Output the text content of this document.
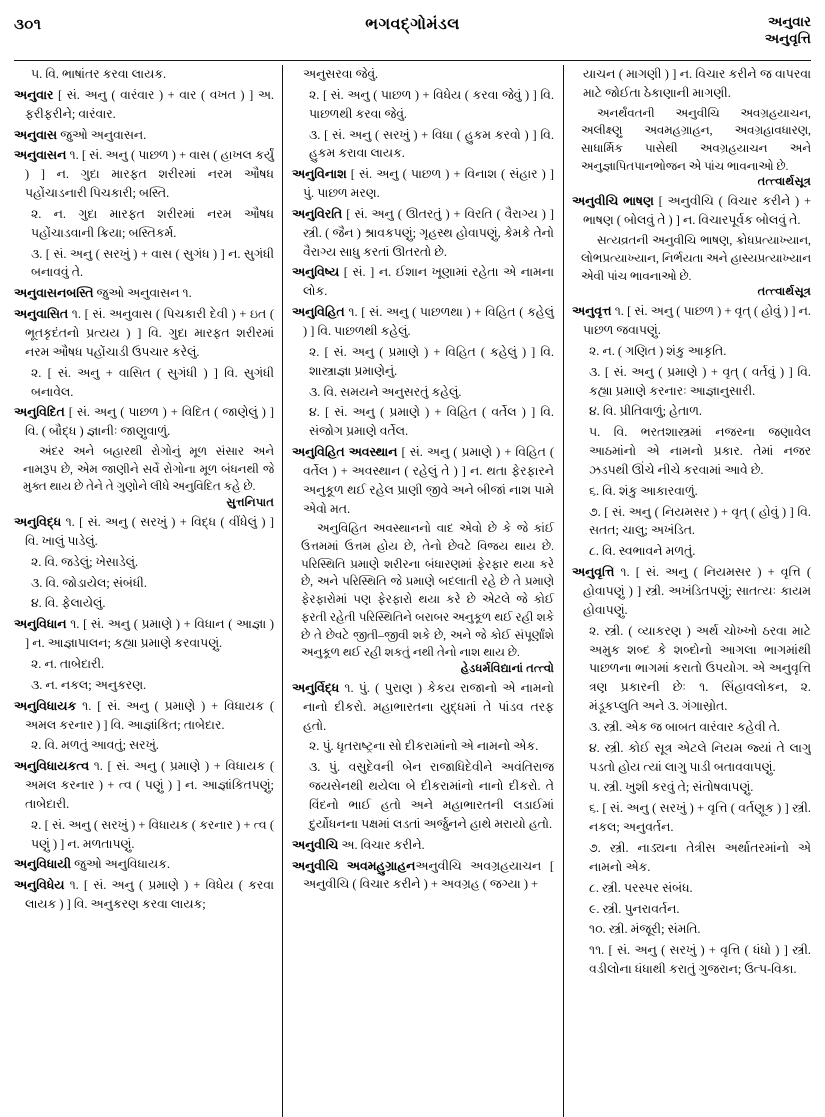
૩૦૧	ભગવદ્‌ગોમંડલ	અનુવાર
અનુવૃત્તિ

૫. વિ. ભાષાંતર કરવા લાયક.

અનુવાર [ સં. અનુ ( વારંવાર ) + વાર ( વખત ) ] અ. ફરીફરીને; વારંવાર.

અનુવાસ જુઓ અનુવાસન.

અનુવાસન ૧. [ સં. અનુ ( પાછળ ) + વાસ ( હાખલ કર્યું ) ] ન. ગુદા મારફત શરીરમાં નરમ ઔષધ પહોંચાડનારી પિચકારી; બસ્તિ.

૨. ન. ગુદા મારફત શરીરમાં નરમ ઔષધ પહોંચાડવાની ક્રિયા; બસ્તિકર્મ.

૩. [ સં. અનુ ( સરખું ) + વાસ ( સુગંધ ) ] ન. સુગંધી બનાવવું તે.

અનુવાસનબસ્તિ જુઓ અનુવાસન ૧.

અનુવાસિત ૧. [ સં. અનુવાસ ( પિચકારી દેવી ) + ઇત ( ભૂતકૃદંતનો પ્રત્યય ) ] વિ. ગુદા મારફત શરીરમાં નરમ ઔષધ પહોંચાડી ઉપચાર કરેલું.

૨. [ સં. અનુ + વાસિત ( સુગંધી ) ] વિ. સુગંધી બનાવેલ.

અનુવિદિત [ સં. અનુ ( પાછળ ) + વિદિત ( જાણેલું ) ] વિ. ( બૌદ્ધ ) જ્ઞાનીઃ જાણુવાળું.

અંદર અને બહારથી રોગોનું મૂળ સંસાર અને નામરૂપ છે, એમ જાણીને સર્વે રોગોના મૂળ બંધનથી જે મુક્ત થાય છે તેને તે ગુણોને લીધે અનુવિદિત કહે છે.

સુત્તનિપાત

અનુવિદ્ધ ૧. [ સં. અનુ ( સરખું ) + વિદ્ધ ( વીંધેલું ) ] વિ. ખાલું પાડેલું.

૨. વિ. જડેલું; ખેસાડેલું.

૩. વિ. જોડાયેલ; સંબંધી.

૪. વિ. ફેલાયેલું.

અનુવિધાન ૧. [ સં. અનુ ( પ્રમાણે ) + વિધાન ( આજ્ઞા ) ] ન. આજ્ઞાપાલન; કહ્યા પ્રમાણે કરવાપણું.

૨. ન. તાબેદારી.

૩. ન. નકલ; અનુકરણ.

અનુવિધાયક ૧. [ સં. અનુ ( પ્રમાણે ) + વિધાયક ( અમલ કરનાર ) ] વિ. આજ્ઞાંકિત; તાબેદાર.

૨. વિ. મળતું આવતું; સરખું.

અનુવિધાયકત્વ ૧. [ સં. અનુ ( પ્રમાણે ) + વિધાયક ( અમલ કરનાર ) + ત્વ ( પણું ) ] ન. આજ્ઞાંકિતપણું; તાબેદારી.

૨. [ સં. અનુ ( સરખું ) + વિધાયક ( કરનાર ) + ત્વ ( પણું ) ] ન. મળતાપણું.

અનુવિધાયી જુઓ અનુવિધાયક.

અનુવિધેય ૧. [ સં. અનુ ( પ્રમાણે ) + વિધેય ( કરવા લાયક ) ] વિ. અનુકરણ કરવા લાયક;

અનુસરવા જેવું.

૨. [ સં. અનુ ( પાછળ ) + વિધેય ( કરવા જેવું ) ] વિ. પાછળથી કરવા જેવું.

૩. [ સં. અનુ ( સરખું ) + વિધા ( હુકમ કરવો ) ] વિ. હુકમ કરાવા લાયક.

અનુવિનાશ [ સં. અનુ ( પાછળ ) + વિનાશ ( સંહાર ) ] પું. પાછળ મરણ.

અનુવિરતિ [ સં. અનુ ( ઊતરતું ) + વિરતિ ( વૈરાગ્ય ) ] સ્ત્રી. ( જૈન ) શ્રાવકપણું; ગૃહસ્થ હોવાપણું, કેમકે તેનો વૈરાગ્ય સાધુ કરતાં ઊતરતો છે.

અનુવિષ્ય [ સં. ] ન. ઈશાન ખૂણામાં રહેતા એ નામના લોક.

અનુવિહિત ૧. [ સં. અનુ ( પાછળથા ) + વિહિત ( કહેલું ) ] વિ. પાછળથી કહેલું.

૨. [ સં. અનુ ( પ્રમાણે ) + વિહિત ( કહેલું ) ] વિ. શાસ્ત્રાજ્ઞા પ્રમાણેનું.

૩. વિ. સમયને અનુસરતું કહેલું.

૪. [ સં. અનુ ( પ્રમાણે ) + વિહિત ( વર્તેલ ) ] વિ. સંજોગ પ્રમાણે વર્તેલ.

અનુવિહિત અવસ્થાન [ સં. અનુ ( પ્રમાણે ) + વિહિત ( વર્તેલ ) + અવસ્થાન ( રહેલું તે ) ] ન. થતા ફેરફારને અનુકૂળ થઈ રહેલ પ્રાણી જીવે અને બીજાં નાશ પામે એવો મત.

અનુવિહિત અવસ્થાનનો વાદ એવો છે કે જે કાંઈ ઉત્તમમાં ઉત્તમ હોય છે, તેનો છેવટે વિજય થાય છે. પરિસ્થિતિ પ્રમાણે શરીરના બંધારણમાં ફેરફાર થયા કરે છે, અને પરિસ્થિતિ જે પ્રમાણે બદલાતી રહે છે તે પ્રમાણે ફેરફારોમાં પણ ફેરફારો થયા કરે છે એટલે જે કોઈ ફરતી રહેતી પરિસ્થિતિને બરાબર અનુકૂળ થઈ રહી શકે છે તે છેવટે જીતી–જીવી શકે છે, અને જે કોઈ સંપૂર્ણાંશે અનુકૂળ થઈ રહી શકતું નથી તેનો નાશ થાય છે.

હેડધર્મવિદ્યાનાં તત્ત્વો

અનુર્વિદ્ધ ૧. પું. ( પુરાણ ) કેકય રાજાનો એ નામનો નાનો દીકરો. મહાભારતના યુદ્ધમાં તે પાંડવ તરફ હતો.

૨. પું. ધૃતરાષ્ટ્રના સો દીકરામાંનો એ નામનો એક.

૩. પું. વસુદેવની બેન રાજાધિદેવીને અવંતિરાજ જયસેનથી થયેલા બે દીકરામાંનો નાનો દીકરો. તે વિંદનો ભાઈ હતો અને મહાભારતની લડાઈમાં દુર્યોધનના પક્ષમાં લડતાં અર્જુનને હાથે મરાયો હતો.

અનુવીચિ અ. વિચાર કરીને.

અનુવીચિ અવમહુગ્રાહનઅનુવીચિ અવગ્રહયાચન [ અનુવીચિ ( વિચાર કરીને ) + અવગ્રહ ( જગ્યા ) +

યાચન ( માગણી ) ] ન. વિચાર કરીને જ વાપરવા માટે જોઈતા ઠેકાણાની માગણી.

અનર્થંવતની અનુવીચિ અવગ્રહયાચન, અલીક્ષ્ણુ અવમહગ્રાહન, અવગ્રહાવધારણ, સાધાર્મિક પાસેથી અવગ્રહયાચન અને અનુજ્ઞાપિતપાનભોજન એ પાંચ ભાવનાઓ છે.

તત્ત્વાર્થસૂત્ર

અનુવીચિ ભાષણ [ અનુવીચિ ( વિચાર કરીને ) + ભાષણ ( બોલવું તે ) ] ન. વિચારપૂર્વક બોલવું તે.

સત્યવ્રતની અનુવીચિ ભાષણ, ક્રોધપ્રત્યાખ્યાન, લોભપ્રત્યાખ્યાન, નિર્ભયતા અને હાસ્યપ્રત્યાખ્યાન એવી પાંચ ભાવનાઓ છે.

તત્ત્વાર્થસૂત્ર

અનુવૃત્ત ૧. [ સં. અનુ ( પાછળ ) + વૃત્ ( હોવું ) ] ન. પાછળ જવાપણું.

૨. ન. ( ગણિત ) શંકુ આકૃતિ.

૩. [ સં. અનુ ( પ્રમાણે ) + વૃત્ ( વર્તવું ) ] વિ. કહ્યા પ્રમાણે કરનારઃ આજ્ઞાનુસારી.

૪. વિ. પ્રીતિવાળું; હેતાળ.

૫. વિ. ભરતશાસ્ત્રમાં નજરના જણાવેલ આઠમાંનો એ નામનો પ્રકાર. તેમાં નજર ઝડપથી ઊંચે નીચે કરવામાં આવે છે.

૬. વિ. શંકુ આકારવાળું.

૭. [ સં. અનુ ( નિયમસર ) + વૃત્ ( હોવું ) ] વિ. સતત; ચાલુ; અખંડિત.

૮. વિ. સ્વભાવને મળતું.

અનુવૃત્તિ ૧. [ સં. અનુ ( નિયમસર ) + વૃત્તિ ( હોવાપણું ) ] સ્ત્રી. અખંડિતપણું; સાતત્યઃ કાયમ હોવાપણું.

૨. સ્ત્રી. ( વ્યાકરણ ) અર્થ ચોખ્ખો ઠરવા માટે અમુક શબ્દ કે શબ્દોનો આગલા ભાગમાંથી પાછળના ભાગમાં કરાતો ઉપયોગ. એ અનુવૃત્તિ ત્રણ પ્રકારની છેઃ ૧. સિંહાવલોકન, ૨. મંડૂકપ્લુતિ અને ૩. ગંગાસ્રોત.

૩. સ્ત્રી. એક જ બાબત વારંવાર કહેવી તે.

૪. સ્ત્રી. કોઈ સૂત્ર એટલે નિયમ જ્યાં તે લાગુ પડતો હોય ત્યાં લાગુ પાડી બતાવવાપણું.

૫. સ્ત્રી. ખુશી કરવું તે; સંતોષવાપણું.

૬. [ સં. અનુ ( સરખું ) + વૃત્તિ ( વર્તણૂક ) ] સ્ત્રી. નકલ; અનુવર્તન.

૭. સ્ત્રી. નાડ્યના તેત્રીસ અર્થાતરમાંનો એ નામનો એક.

૮. સ્ત્રી. પરસ્પર સંબંધ.

૯. સ્ત્રી. પુનરાવર્તન.

૧૦. સ્ત્રી. મંજૂરી; સંમતિ.

૧૧. [ સં. અનુ ( સરખું ) + વૃત્તિ ( ધંધો ) ] સ્ત્રી. વડીલોના ધંધાથી કરાતું ગુજરાન; ઉત્પ-વિકા.
